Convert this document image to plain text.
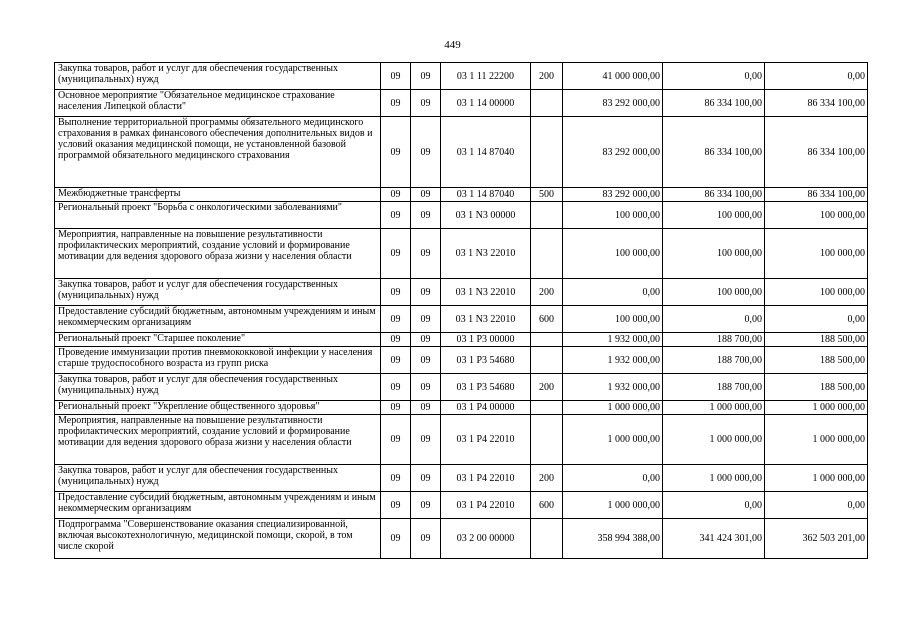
449
Закупка товаров, работ и услуг для обеспечения государственных (муниципальных) нужд	09	09	03 1 11 22200	200	41 000 000,00	0,00	0,00
Основное мероприятие "Обязательное медицинское страхование населения Липецкой области"	09	09	03 1 14 00000		83 292 000,00	86 334 100,00	86 334 100,00
Выполнение территориальной программы обязательного медицинского страхования в рамках финансового обеспечения дополнительных видов и условий оказания медицинской помощи, не установленной базовой программой обязательного медицинского страхования	09	09	03 1 14 87040		83 292 000,00	86 334 100,00	86 334 100,00
Межбюджетные трансферты	09	09	03 1 14 87040	500	83 292 000,00	86 334 100,00	86 334 100,00
Региональный проект "Борьба с онкологическими заболеваниями"	09	09	03 1 N3 00000		100 000,00	100 000,00	100 000,00
Мероприятия, направленные на повышение результативности профилактических мероприятий, создание условий и формирование мотивации для ведения здорового образа жизни у населения области	09	09	03 1 N3 22010		100 000,00	100 000,00	100 000,00
Закупка товаров, работ и услуг для обеспечения государственных (муниципальных) нужд	09	09	03 1 N3 22010	200	0,00	100 000,00	100 000,00
Предоставление субсидий бюджетным, автономным учреждениям и иным некоммерческим организациям	09	09	03 1 N3 22010	600	100 000,00	0,00	0,00
Региональный проект "Старшее поколение"	09	09	03 1 P3 00000		1 932 000,00	188 700,00	188 500,00
Проведение иммунизации против пневмококковой инфекции у населения старше трудоспособного возраста из групп риска	09	09	03 1 P3 54680		1 932 000,00	188 700,00	188 500,00
Закупка товаров, работ и услуг для обеспечения государственных (муниципальных) нужд	09	09	03 1 P3 54680	200	1 932 000,00	188 700,00	188 500,00
Региональный проект "Укрепление общественного здоровья"	09	09	03 1 P4 00000		1 000 000,00	1 000 000,00	1 000 000,00
Мероприятия, направленные на повышение результативности профилактических мероприятий, создание условий и формирование мотивации для ведения здорового образа жизни у населения области	09	09	03 1 P4 22010		1 000 000,00	1 000 000,00	1 000 000,00
Закупка товаров, работ и услуг для обеспечения государственных (муниципальных) нужд	09	09	03 1 P4 22010	200	0,00	1 000 000,00	1 000 000,00
Предоставление субсидий бюджетным, автономным учреждениям и иным некоммерческим организациям	09	09	03 1 P4 22010	600	1 000 000,00	0,00	0,00
Подпрограмма "Совершенствование оказания специализированной, включая высокотехнологичную, медицинской помощи, скорой, в том числе скорой	09	09	03 2 00 00000		358 994 388,00	341 424 301,00	362 503 201,00
